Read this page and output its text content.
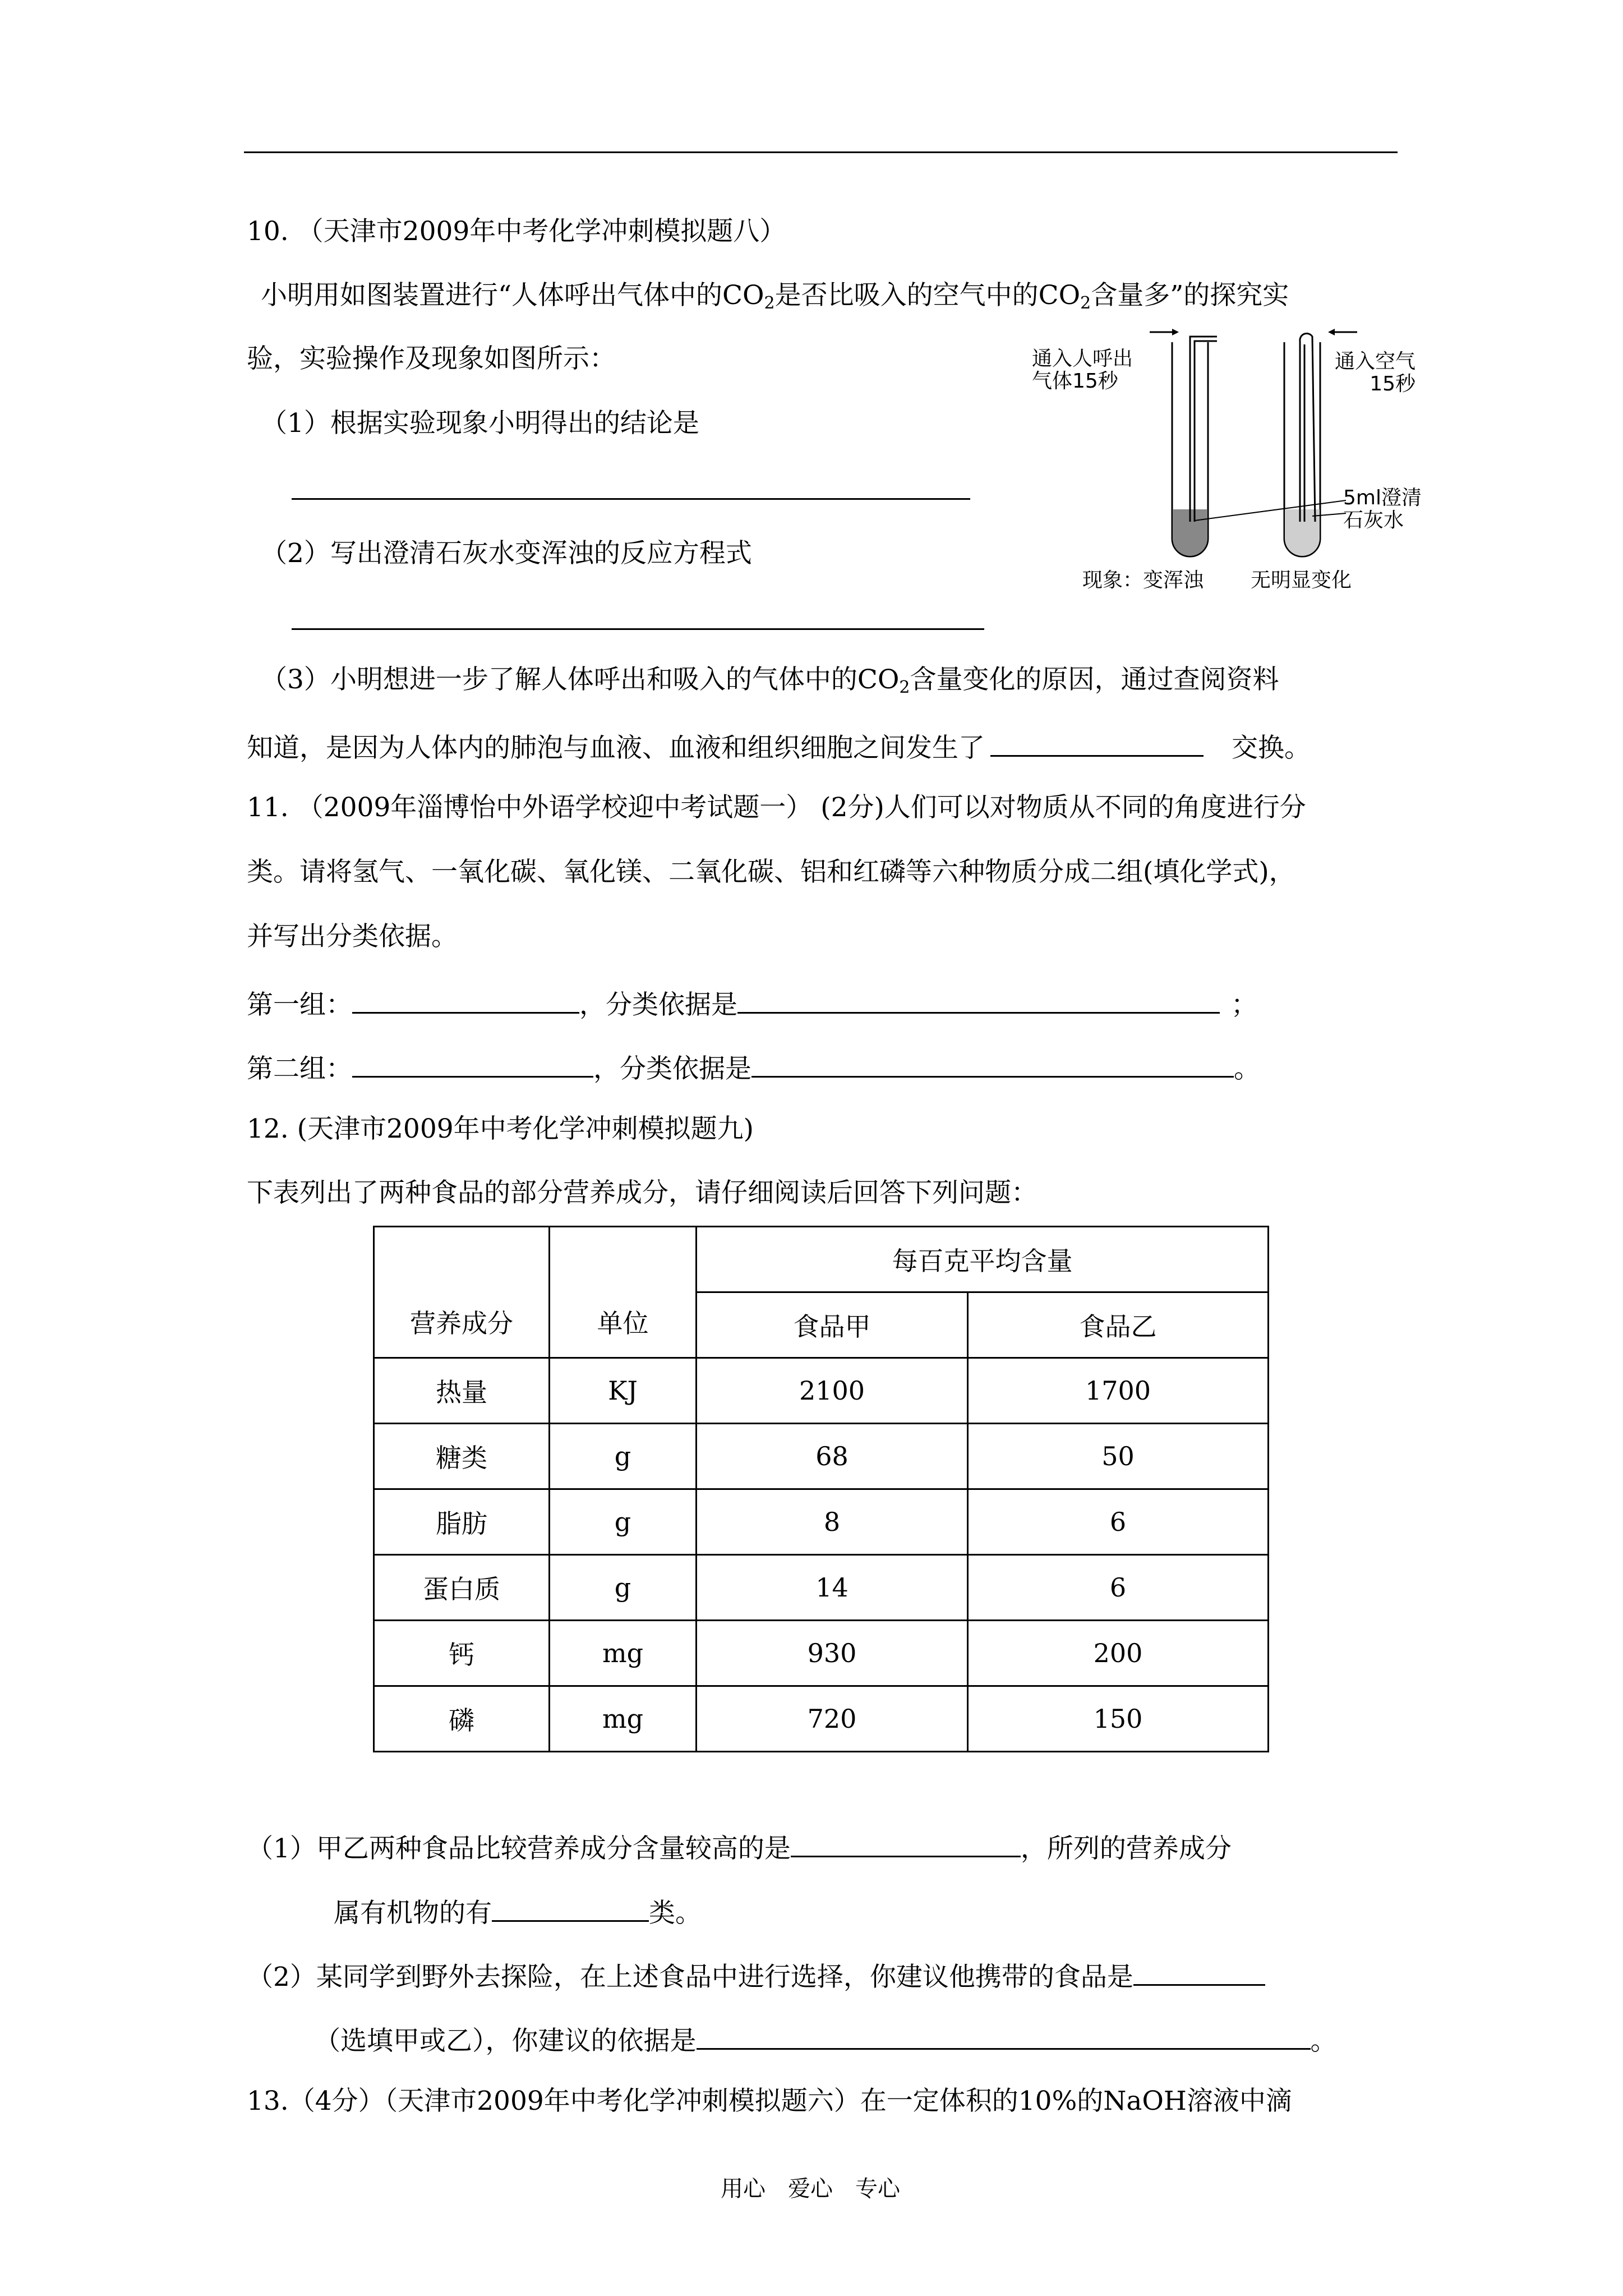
10. （天津市2009年中考化学冲刺模拟题八）
小明用如图装置进行“人体呼出气体中的$CO_2$是否比吸入的空气中的$CO_2$含量多”的探究实
验，实验操作及现象如图所示：
（1）根据实验现象小明得出的结论是
（2）写出澄清石灰水变浑浊的反应方程式
通入人呼出
气体15秒
通入空气
15秒
5ml澄清
石灰水
现象：变浑浊 无明显变化
（3）小明想进一步了解人体呼出和吸入的气体中的$CO_2$含量变化的原因，通过查阅资料
知道，是因为人体内的肺泡与血液、血液和组织细胞之间发生了	交换。
11. （2009年淄博怡中外语学校迎中考试题一） (2分)人们可以对物质从不同的角度进行分
类。请将氢气、一氧化碳、氧化镁、二氧化碳、铝和红磷等六种物质分成二组(填化学式)，
并写出分类依据。
第一组：	，分类依据是	；
第二组：	，分类依据是	。
12. (天津市2009年中考化学冲刺模拟题九)
下表列出了两种食品的部分营养成分，请仔细阅读后回答下列问题：
营养成分	单位	每百克平均含量	
		食品甲	食品乙
热量	KJ	2100	1700
糖类	g	68	50
脂肪	g	8	6
蛋白质	g	14	6
钙	mg	930	200
磷	mg	720	150
（1）甲乙两种食品比较营养成分含量较高的是	，所列的营养成分
属有机物的有	类。
（2）某同学到野外去探险，在上述食品中进行选择，你建议他携带的食品是
（选填甲或乙），你建议的依据是	。
13.（4分）（天津市2009年中考化学冲刺模拟题六）在一定体积的10%的NaOH溶液中滴
用心　爱心　专心
